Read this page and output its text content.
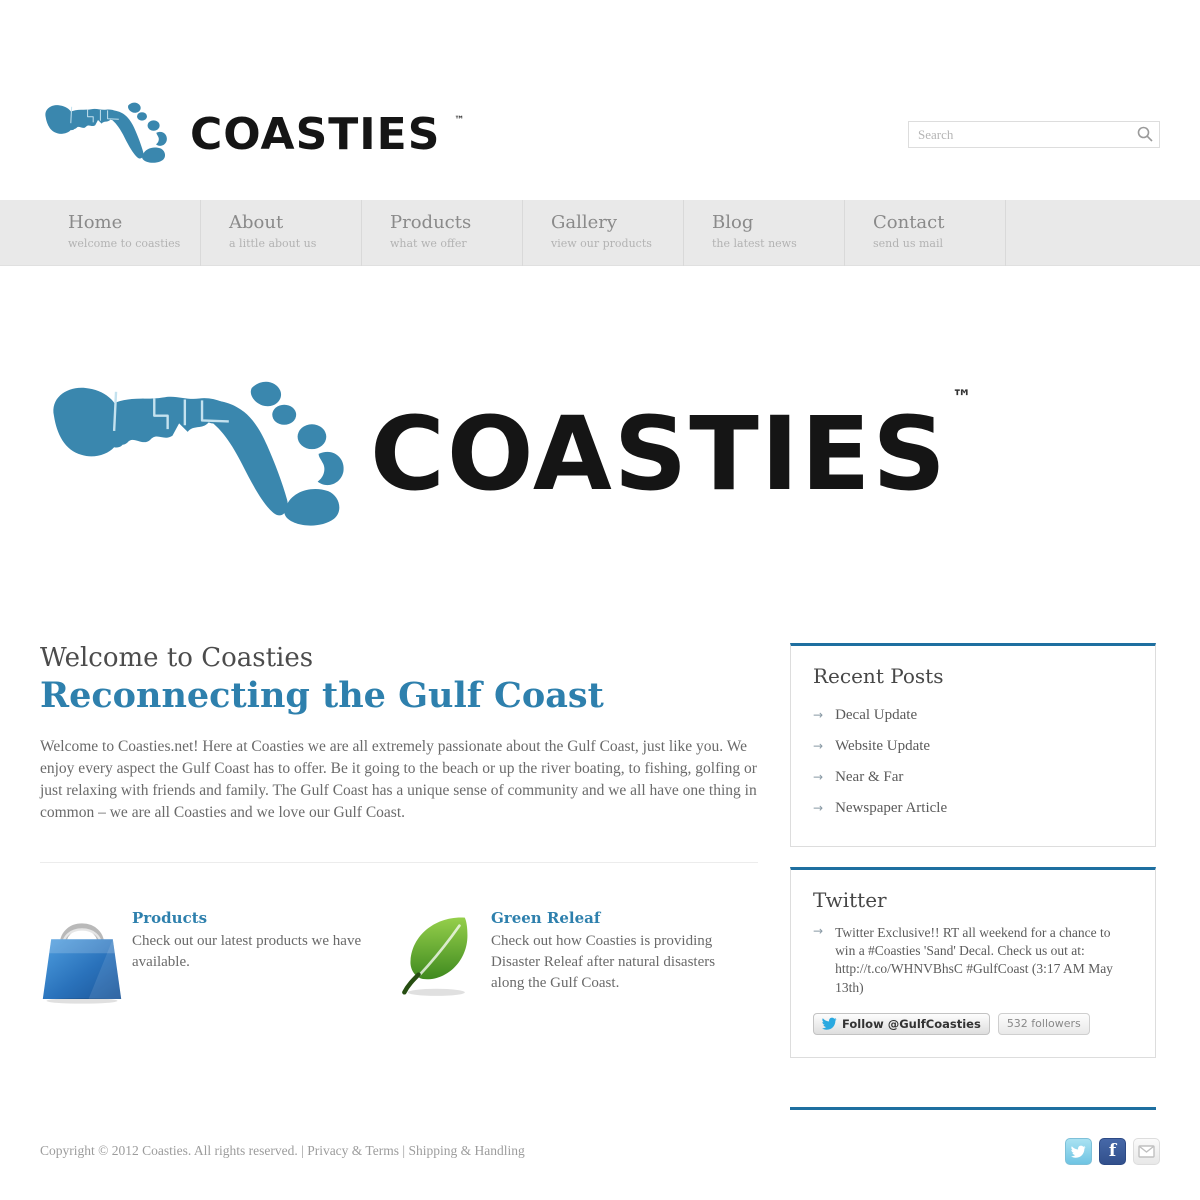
COASTIES ™
Search
Home
welcome to coasties
About
a little about us
Products
what we offer
Gallery
view our products
Blog
the latest news
Contact
send us mail
COASTIES ™
Welcome to Coasties
Reconnecting the Gulf Coast

Welcome to Coasties.net! Here at Coasties we are all extremely passionate about the Gulf Coast, just like you. We enjoy every aspect the Gulf Coast has to offer. Be it going to the beach or up the river boating, to fishing, golfing or just relaxing with friends and family. The Gulf Coast has a unique sense of community and we all have one thing in common – we are all Coasties and we love our Gulf Coast.

Products
Check out our latest products we have available.
Green Releaf
Check out how Coasties is providing Disaster Releaf after natural disasters along the Gulf Coast.
Recent Posts
→ Decal Update
→ Website Update
→ Near & Far
→ Newspaper Article
Twitter
→ Twitter Exclusive!! RT all weekend for a chance to win a #Coasties 'Sand' Decal. Check us out at: http://t.co/WHNVBhsC #GulfCoast (3:17 AM May 13th)
Follow @GulfCoasties	532 followers
Copyright © 2012 Coasties. All rights reserved. | Privacy & Terms | Shipping & Handling	f
